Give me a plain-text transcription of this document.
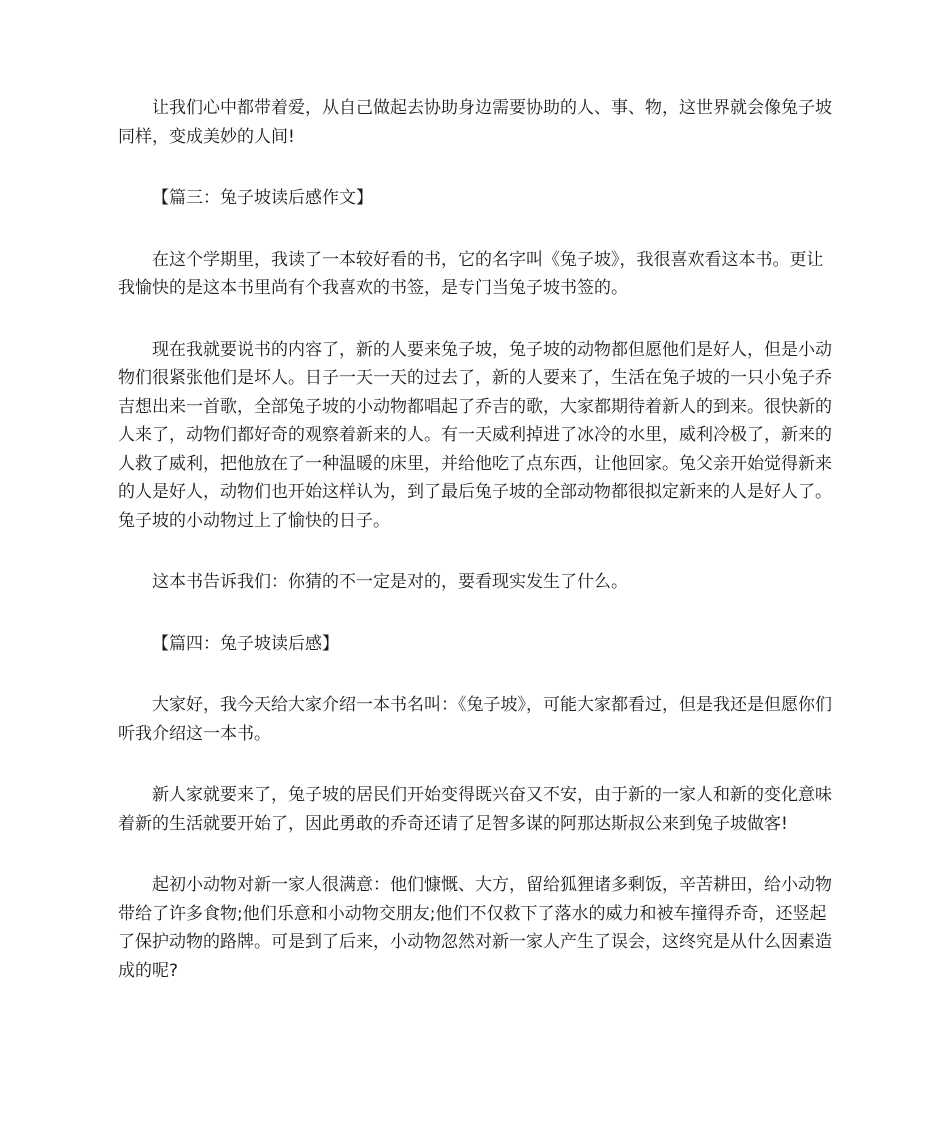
让我们心中都带着爱，从自己做起去协助身边需要协助的人、事、物，这世界就会像兔子坡同样，变成美妙的人间!

【篇三：兔子坡读后感作文】

在这个学期里，我读了一本较好看的书，它的名字叫《兔子坡》，我很喜欢看这本书。更让我愉快的是这本书里尚有个我喜欢的书签，是专门当兔子坡书签的。

现在我就要说书的内容了，新的人要来兔子坡，兔子坡的动物都但愿他们是好人，但是小动物们很紧张他们是坏人。日子一天一天的过去了，新的人要来了，生活在兔子坡的一只小兔子乔吉想出来一首歌，全部兔子坡的小动物都唱起了乔吉的歌，大家都期待着新人的到来。很快新的人来了，动物们都好奇的观察着新来的人。有一天威利掉进了冰冷的水里，威利冷极了，新来的人救了威利，把他放在了一种温暖的床里，并给他吃了点东西，让他回家。兔父亲开始觉得新来的人是好人，动物们也开始这样认为，到了最后兔子坡的全部动物都很拟定新来的人是好人了。兔子坡的小动物过上了愉快的日子。

这本书告诉我们：你猜的不一定是对的，要看现实发生了什么。

【篇四：兔子坡读后感】

大家好，我今天给大家介绍一本书名叫：《兔子坡》，可能大家都看过，但是我还是但愿你们听我介绍这一本书。

新人家就要来了，兔子坡的居民们开始变得既兴奋又不安，由于新的一家人和新的变化意味着新的生活就要开始了，因此勇敢的乔奇还请了足智多谋的阿那达斯叔公来到兔子坡做客!

起初小动物对新一家人很满意：他们慷慨、大方，留给狐狸诸多剩饭，辛苦耕田，给小动物带给了许多食物;他们乐意和小动物交朋友;他们不仅救下了落水的威力和被车撞得乔奇，还竖起了保护动物的路牌。可是到了后来，小动物忽然对新一家人产生了误会，这终究是从什么因素造成的呢?
